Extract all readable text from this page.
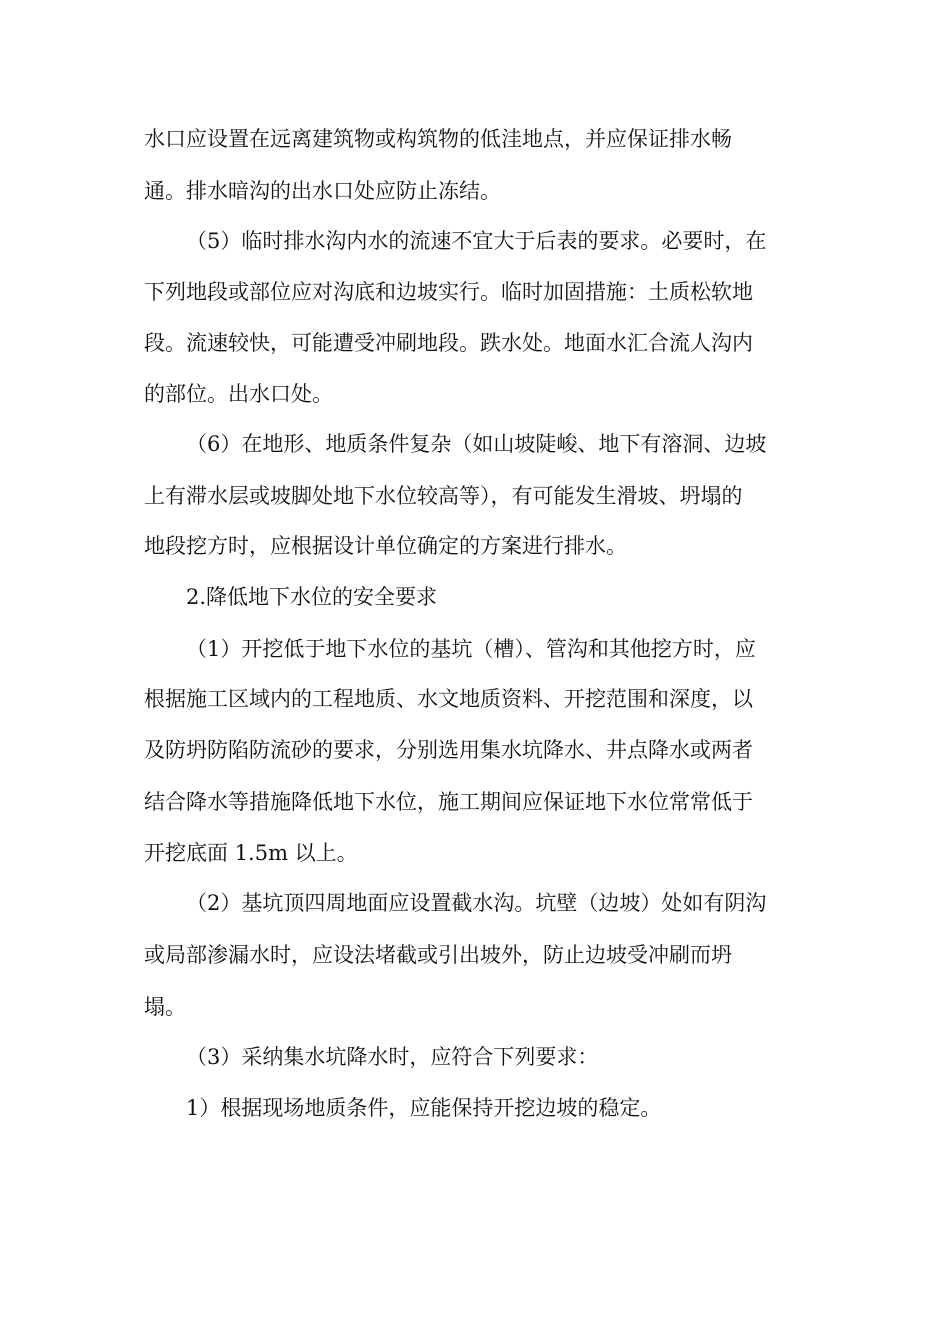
水口应设置在远离建筑物或构筑物的低洼地点，并应保证排水畅
通。排水暗沟的出水口处应防止冻结。
（5）临时排水沟内水的流速不宜大于后表的要求。必要时，在
下列地段或部位应对沟底和边坡实行。临时加固措施：土质松软地
段。流速较快，可能遭受冲刷地段。跌水处。地面水汇合流人沟内
的部位。出水口处。
（6）在地形、地质条件复杂（如山坡陡峻、地下有溶洞、边坡
上有滞水层或坡脚处地下水位较高等），有可能发生滑坡、坍塌的
地段挖方时，应根据设计单位确定的方案进行排水。
2.降低地下水位的安全要求
（1）开挖低于地下水位的基坑（槽）、管沟和其他挖方时，应
根据施工区域内的工程地质、水文地质资料、开挖范围和深度，以
及防坍防陷防流砂的要求，分别选用集水坑降水、井点降水或两者
结合降水等措施降低地下水位，施工期间应保证地下水位常常低于
开挖底面 1.5m 以上。
（2）基坑顶四周地面应设置截水沟。坑壁（边坡）处如有阴沟
或局部渗漏水时，应设法堵截或引出坡外，防止边坡受冲刷而坍
塌。
（3）采纳集水坑降水时，应符合下列要求：
1）根据现场地质条件，应能保持开挖边坡的稳定。
